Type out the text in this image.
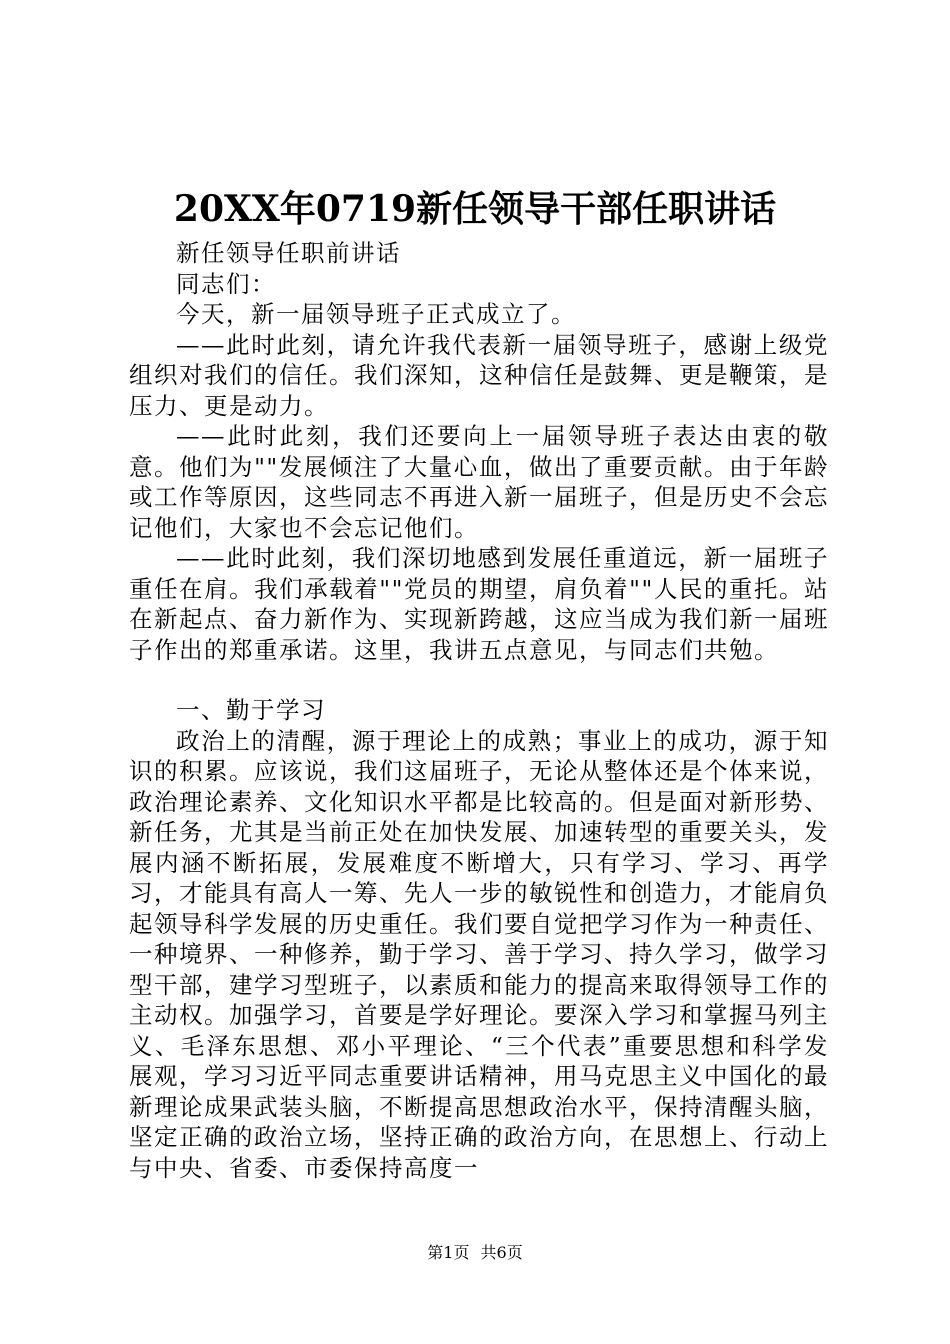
20XX年0719新任领导干部任职讲话

新任领导任职前讲话

同志们：

今天，新一届领导班子正式成立了。

——此时此刻，请允许我代表新一届领导班子，感谢上级党组织对我们的信任。我们深知，这种信任是鼓舞、更是鞭策，是压力、更是动力。

——此时此刻，我们还要向上一届领导班子表达由衷的敬意。他们为""发展倾注了大量心血，做出了重要贡献。由于年龄或工作等原因，这些同志不再进入新一届班子，但是历史不会忘记他们，大家也不会忘记他们。

——此时此刻，我们深切地感到发展任重道远，新一届班子重任在肩。我们承载着""党员的期望，肩负着""人民的重托。站在新起点、奋力新作为、实现新跨越，这应当成为我们新一届班子作出的郑重承诺。这里，我讲五点意见，与同志们共勉。

一、勤于学习

政治上的清醒，源于理论上的成熟；事业上的成功，源于知识的积累。应该说，我们这届班子，无论从整体还是个体来说，政治理论素养、文化知识水平都是比较高的。但是面对新形势、新任务，尤其是当前正处在加快发展、加速转型的重要关头，发展内涵不断拓展，发展难度不断增大，只有学习、学习、再学习，才能具有高人一筹、先人一步的敏锐性和创造力，才能肩负起领导科学发展的历史重任。我们要自觉把学习作为一种责任、一种境界、一种修养，勤于学习、善于学习、持久学习，做学习型干部，建学习型班子，以素质和能力的提高来取得领导工作的主动权。加强学习，首要是学好理论。要深入学习和掌握马列主义、毛泽东思想、邓小平理论、“三个代表”重要思想和科学发展观，学习习近平同志重要讲话精神，用马克思主义中国化的最新理论成果武装头脑，不断提高思想政治水平，保持清醒头脑，坚定正确的政治立场，坚持正确的政治方向，在思想上、行动上与中央、省委、市委保持高度一

第1页 共6页
